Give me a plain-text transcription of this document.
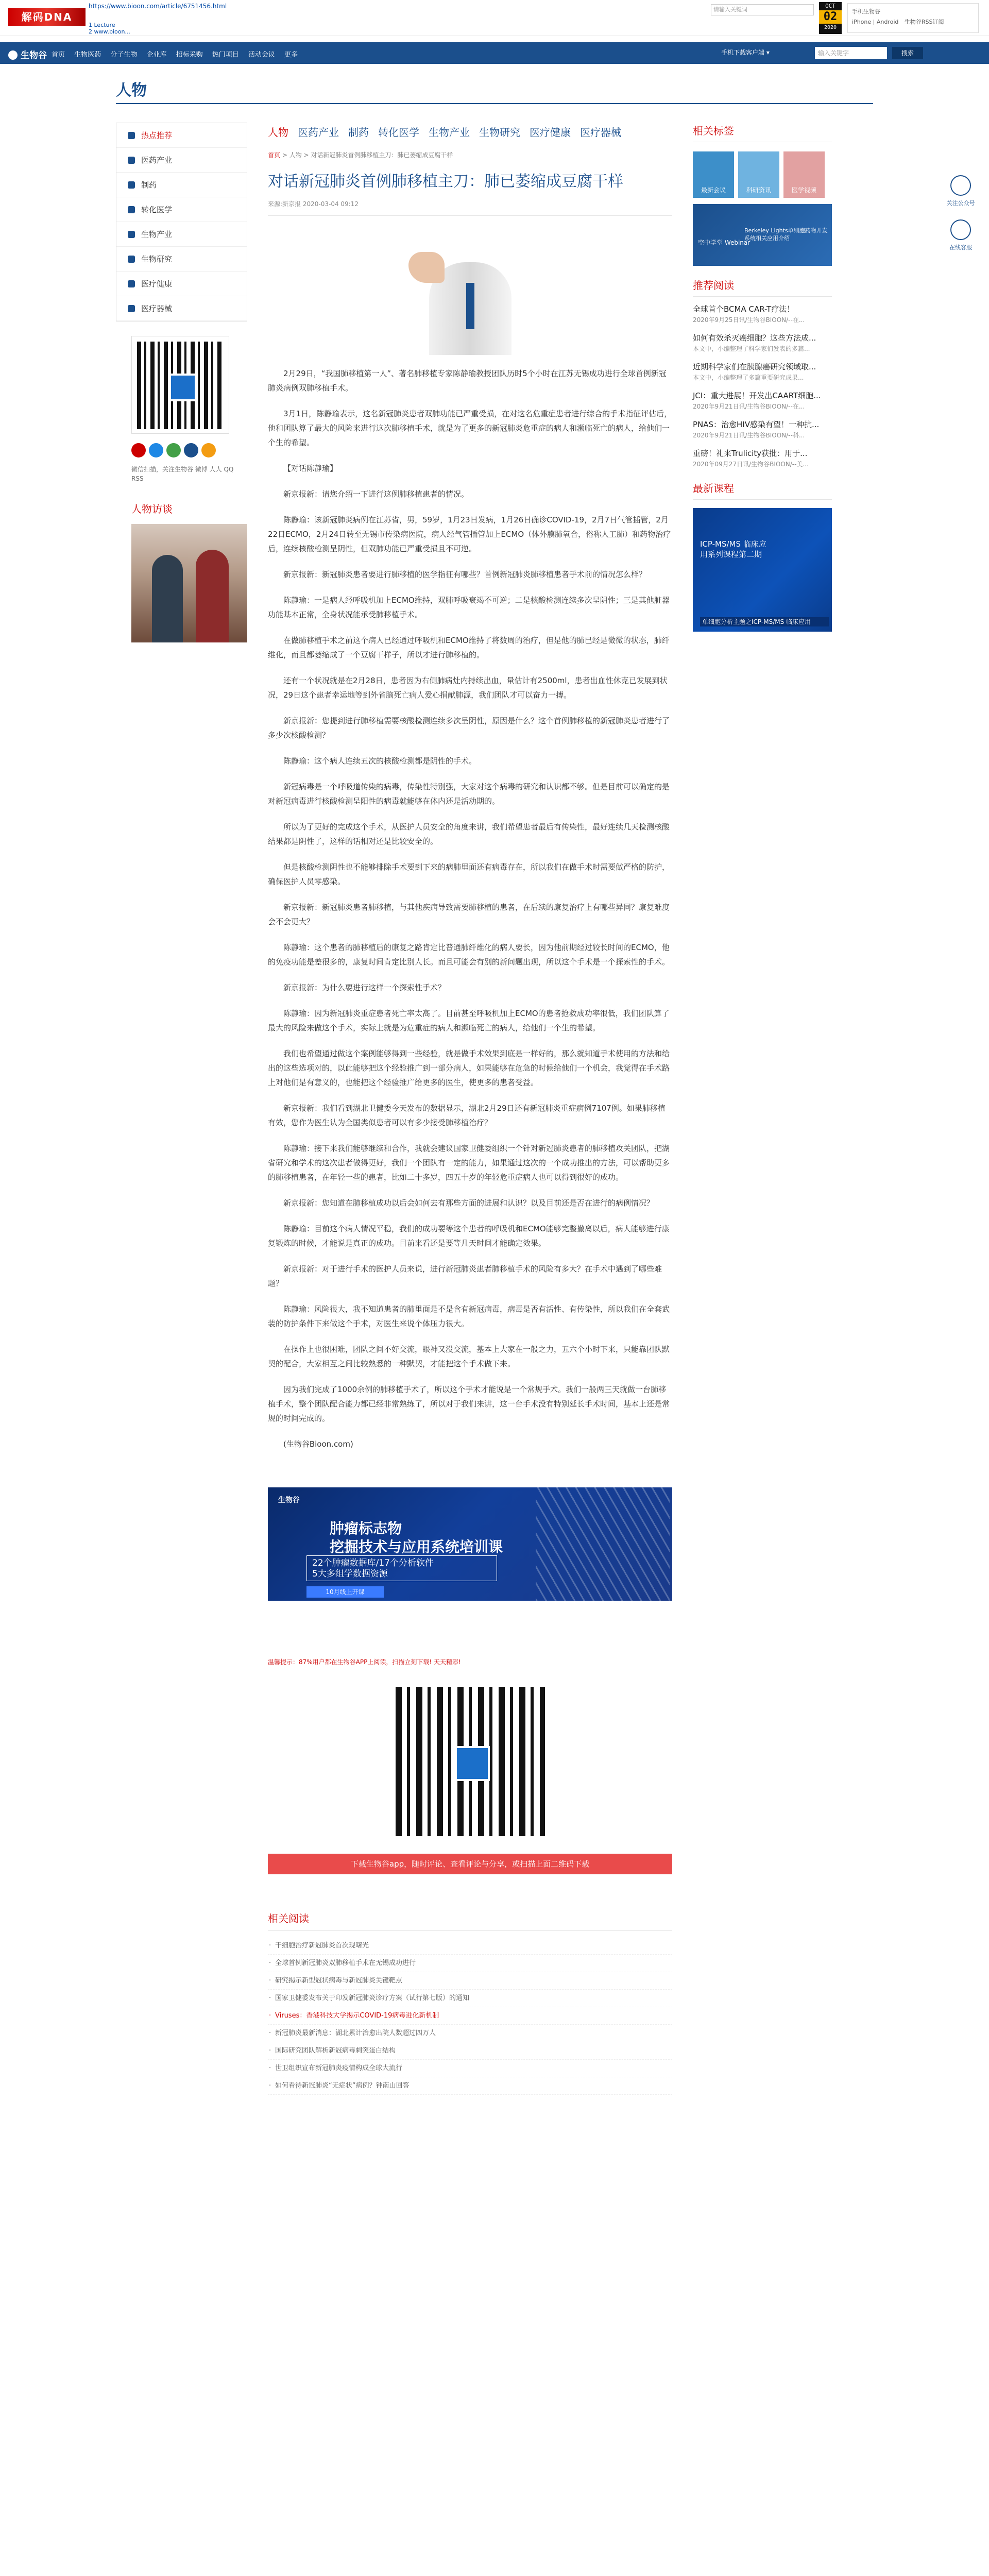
解码DNA
https://www.bioon.com/article/6751456.html
1 Lecture
2 www.bioon...
请输入关键词
OCT
02
2020
手机生物谷
iPhone | Android 生物谷RSS订阅
生物谷 首页 生物医药 分子生物 企业库 招标采购 热门项目 活动会议 更多	手机下载客户端 ▾	输入关键字	搜索
人物
热点推荐
医药产业
制药
转化医学
生物产业
生物研究
医疗健康
医疗器械
微信扫描，关注生物谷 微博 人人 QQ RSS
人物访谈
人物 医药产业 制药 转化医学 生物产业 生物研究 医疗健康 医疗器械
首页 > 人物 > 对话新冠肺炎首例肺移植主刀：肺已萎缩成豆腐干样
对话新冠肺炎首例肺移植主刀：肺已萎缩成豆腐干样
来源:新京报 2020-03-04 09:12

2月29日，“我国肺移植第一人”、著名肺移植专家陈静瑜教授团队历时5个小时在江苏无锡成功进行全球首例新冠肺炎病例双肺移植手术。

3月1日，陈静瑜表示，这名新冠肺炎患者双肺功能已严重受损，在对这名危重症患者进行综合的手术指征评估后，他和团队算了最大的风险来进行这次肺移植手术，就是为了更多的新冠肺炎危重症的病人和濒临死亡的病人，给他们一个生的希望。

【对话陈静瑜】

新京报新：请您介绍一下进行这例肺移植患者的情况。

陈静瑜：该新冠肺炎病例在江苏省，男，59岁，1月23日发病，1月26日确诊COVID-19，2月7日气管插管，2月22日ECMO，2月24日转至无锡市传染病医院，病人经气管插管加上ECMO（体外膜肺氧合，俗称人工肺）和药物治疗后，连续核酸检测呈阴性，但双肺功能已严重受损且不可逆。

新京报新：新冠肺炎患者要进行肺移植的医学指征有哪些？首例新冠肺炎肺移植患者手术前的情况怎么样？

陈静瑜：一是病人经呼吸机加上ECMO维持，双肺呼吸衰竭不可逆；二是核酸检测连续多次呈阴性；三是其他脏器功能基本正常，全身状况能承受肺移植手术。

在做肺移植手术之前这个病人已经通过呼吸机和ECMO维持了将数周的治疗，但是他的肺已经是微微的状态，肺纤维化，而且都萎缩成了一个豆腐干样子，所以才进行肺移植的。

还有一个状况就是在2月28日，患者因为右侧肺病灶内持续出血，量估计有2500ml，患者出血性休克已发展到状况，29日这个患者幸运地等到外省脑死亡病人爱心捐献肺源，我们团队才可以奋力一搏。

新京报新：您提到进行肺移植需要核酸检测连续多次呈阴性，原因是什么？这个首例肺移植的新冠肺炎患者进行了多少次核酸检测？

陈静瑜：这个病人连续五次的核酸检测都是阴性的手术。

新冠病毒是一个呼吸道传染的病毒，传染性特别强，大家对这个病毒的研究和认识都不够。但是目前可以确定的是对新冠病毒进行核酸检测呈阳性的病毒就能够在体内还是活动期的。

所以为了更好的完成这个手术，从医护人员安全的角度来讲，我们希望患者最后有传染性，最好连续几天检测核酸结果都是阴性了，这样的话相对还是比较安全的。

但是核酸检测阴性也不能够排除手术要到下来的病肺里面还有病毒存在，所以我们在做手术时需要做严格的防护，确保医护人员零感染。

新京报新：新冠肺炎患者肺移植，与其他疾病导致需要肺移植的患者，在后续的康复治疗上有哪些异同？康复难度会不会更大？

陈静瑜：这个患者的肺移植后的康复之路肯定比普通肺纤维化的病人要长，因为他前期经过较长时间的ECMO，他的免疫功能是差很多的，康复时间肯定比别人长。而且可能会有别的新问题出现，所以这个手术是一个探索性的手术。

新京报新：为什么要进行这样一个探索性手术？

陈静瑜：因为新冠肺炎重症患者死亡率太高了。目前甚至呼吸机加上ECMO的患者抢救成功率很低，我们团队算了最大的风险来做这个手术，实际上就是为危重症的病人和濒临死亡的病人，给他们一个生的希望。

我们也希望通过做这个案例能够得到一些经验，就是做手术效果到底是一样好的，那么就知道手术使用的方法和给出的这些选项对的，以此能够把这个经验推广到一部分病人，如果能够在危急的时候给他们一个机会，我觉得在手术路上对他们是有意义的，也能把这个经验推广给更多的医生，使更多的患者受益。

新京报新：我们看到湖北卫健委今天发布的数据显示，湖北2月29日还有新冠肺炎重症病例7107例。如果肺移植有效，您作为医生认为全国类似患者可以有多少接受肺移植治疗？

陈静瑜：接下来我们能够继续和合作，我就会建议国家卫健委组织一个针对新冠肺炎患者的肺移植攻关团队，把湖省研究和学术的这次患者做得更好，我们一个团队有一定的能力，如果通过这次的一个成功推出的方法，可以帮助更多的肺移植患者，在年轻一些的患者，比如二十多岁，四五十岁的年轻危重症病人也可以得到很好的成功。

新京报新：您知道在肺移植成功以后会如何去有那些方面的进展和认识？以及目前还是否在进行的病例情况？

陈静瑜：目前这个病人情况平稳，我们的成功要等这个患者的呼吸机和ECMO能够完整撤离以后，病人能够进行康复锻炼的时候，才能说是真正的成功。目前来看还是要等几天时间才能确定效果。

新京报新：对于进行手术的医护人员来说，进行新冠肺炎患者肺移植手术的风险有多大？在手术中遇到了哪些难题？

陈静瑜：风险很大，我不知道患者的肺里面是不是含有新冠病毒，病毒是否有活性、有传染性，所以我们在全套武装的防护条件下来做这个手术，对医生来说个体压力很大。

在操作上也很困难，团队之间不好交流，眼神又没交流，基本上大家在一般之力，五六个小时下来，只能靠团队默契的配合，大家相互之间比较熟悉的一种默契，才能把这个手术做下来。

因为我们完成了1000余例的肺移植手术了，所以这个手术才能说是一个常规手术。我们一般两三天就做一台肺移植手术，整个团队配合能力都已经非常熟练了，所以对于我们来讲，这一台手术没有特别延长手术时间，基本上还是常规的时间完成的。

(生物谷Bioon.com)

生物谷
肿瘤标志物
挖掘技术与应用系统培训课
22个肿瘤数据库/17个分析软件
5大多组学数据资源
10月线上开课
温馨提示：87%用户都在生物谷APP上阅读，扫描立刻下载! 天天精彩!
下载生物谷app，随时评论、查看评论与分享，或扫描上面二维码下载
相关阅读
· 干细胞治疗新冠肺炎首次现曙光
· 全球首例新冠肺炎双肺移植手术在无锡成功进行
· 研究揭示新型冠状病毒与新冠肺炎关键靶点
· 国家卫健委发布关于印发新冠肺炎诊疗方案（试行第七版）的通知
· Viruses：香港科技大学揭示COVID-19病毒进化新机制
· 新冠肺炎最新消息：湖北累计治愈出院人数超过四万人
· 国际研究团队解析新冠病毒刺突蛋白结构
· 世卫组织宣布新冠肺炎疫情构成全球大流行
· 如何看待新冠肺炎“无症状”病例？钟南山回答
相关标签
最新会议	科研资讯	医学视频
空中学堂 Webinar
Berkeley Lights单细胞药物开发系统相关应用介绍
推荐阅读
全球首个BCMA CAR-T疗法！
2020年9月25日讯/生物谷BIOON/--在...
如何有效杀灭癌细胞？这些方法成...
本文中，小编整理了科学家们发表的多篇...
近期科学家们在胰腺癌研究领域取...
本文中，小编整理了多篇重要研究成果...
JCI：重大进展！开发出CAART细胞...
2020年9月21日讯/生物谷BIOON/--在...
PNAS：治愈HIV感染有望！一种抗...
2020年9月21日讯/生物谷BIOON/--科...
重磅！礼来Trulicity获批：用于...
2020年09月27日讯/生物谷BIOON/--美...
最新课程
ICP-MS/MS 临床应用系列课程第二期
单细胞分析主题之ICP-MS/MS 临床应用
关注公众号
在线客服
